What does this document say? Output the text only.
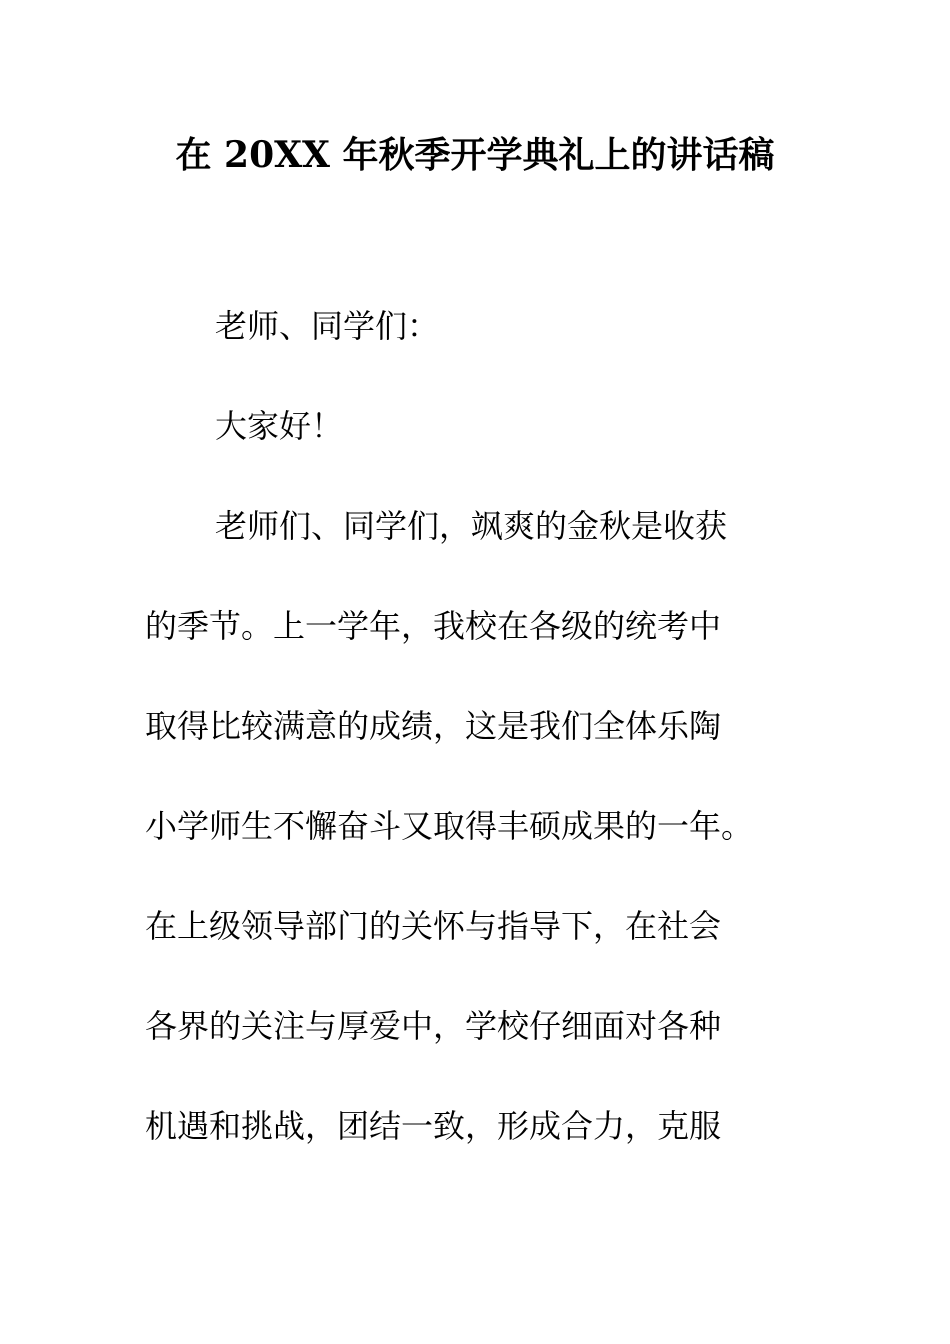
在 20XX 年秋季开学典礼上的讲话稿

老师、同学们：

大家好！

老师们、同学们，飒爽的金秋是收获

的季节。上一学年，我校在各级的统考中

取得比较满意的成绩，这是我们全体乐陶

小学师生不懈奋斗又取得丰硕成果的一年。

在上级领导部门的关怀与指导下，在社会

各界的关注与厚爱中，学校仔细面对各种

机遇和挑战，团结一致，形成合力，克服
